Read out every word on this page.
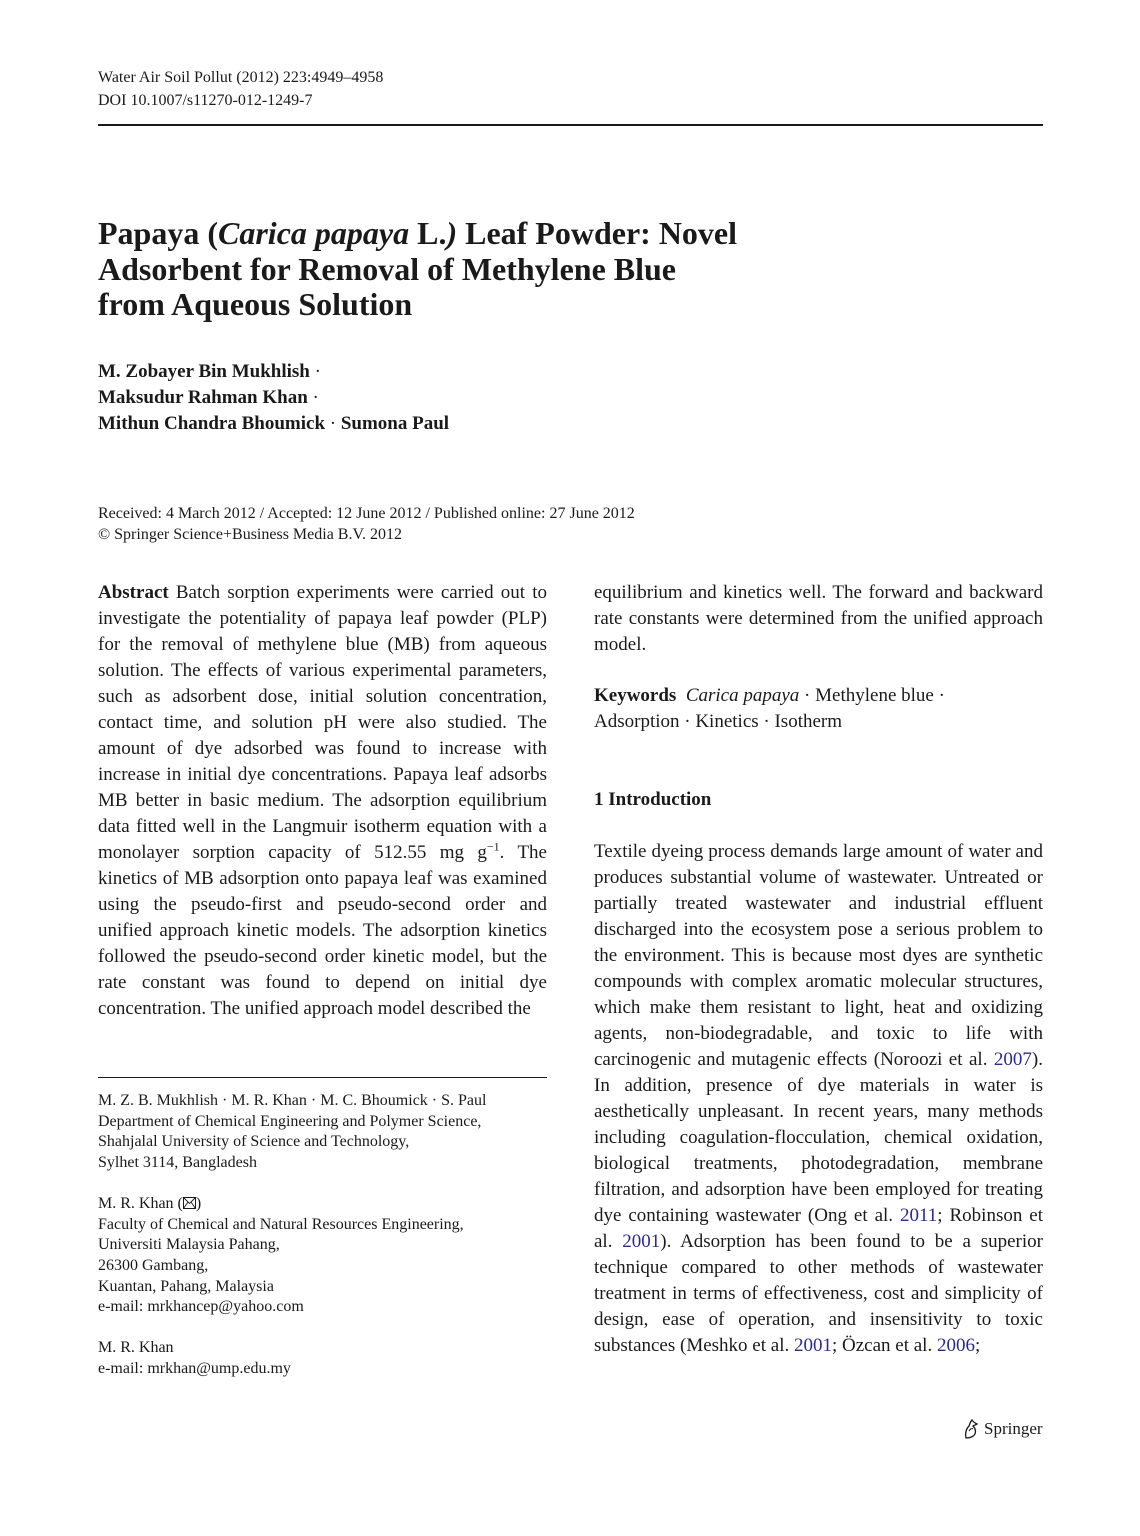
Water Air Soil Pollut (2012) 223:4949–4958
DOI 10.1007/s11270-012-1249-7
Papaya (Carica papaya L.) Leaf Powder: Novel
Adsorbent for Removal of Methylene Blue
from Aqueous Solution
M. Zobayer Bin Mukhlish ·
Maksudur Rahman Khan ·
Mithun Chandra Bhoumick · Sumona Paul
Received: 4 March 2012 / Accepted: 12 June 2012 / Published online: 27 June 2012
© Springer Science+Business Media B.V. 2012
Abstract Batch sorption experiments were carried out to investigate the potentiality of papaya leaf powder (PLP) for the removal of methylene blue (MB) from aqueous solution. The effects of various experimental parameters, such as adsorbent dose, initial solution concentration, contact time, and solution pH were also studied. The amount of dye adsorbed was found to increase with increase in initial dye concentrations. Papaya leaf adsorbs MB better in basic medium. The adsorption equilibrium data fitted well in the Langmuir isotherm equation with a monolayer sorption capacity of 512.55 mg $g^{-1}$. The kinetics of MB adsorption onto papaya leaf was examined using the pseudo-first and pseudo-second order and unified approach kinetic models. The adsorption kinetics followed the pseudo-second order kinetic model, but the rate constant was found to depend on initial dye concentration. The unified approach model described the
equilibrium and kinetics well. The forward and backward rate constants were determined from the unified approach model.
Keywords Carica papaya · Methylene blue ·
Adsorption · Kinetics · Isotherm
1 Introduction
Textile dyeing process demands large amount of water and produces substantial volume of wastewater. Untreated or partially treated wastewater and industrial effluent discharged into the ecosystem pose a serious problem to the environment. This is because most dyes are synthetic compounds with complex aromatic molecular structures, which make them resistant to light, heat and oxidizing agents, non-biodegradable, and toxic to life with carcinogenic and mutagenic effects (Noroozi et al. 2007). In addition, presence of dye materials in water is aesthetically unpleasant. In recent years, many methods including coagulation-flocculation, chemical oxidation, biological treatments, photodegradation, membrane filtration, and adsorption have been employed for treating dye containing wastewater (Ong et al. 2011; Robinson et al. 2001). Adsorption has been found to be a superior technique compared to other methods of wastewater treatment in terms of effectiveness, cost and simplicity of design, ease of operation, and insensitivity to toxic substances (Meshko et al. 2001; Özcan et al. 2006;
M. Z. B. Mukhlish · M. R. Khan · M. C. Bhoumick · S. Paul
Department of Chemical Engineering and Polymer Science,
Shahjalal University of Science and Technology,
Sylhet 3114, Bangladesh
M. R. Khan ( )
Faculty of Chemical and Natural Resources Engineering,
Universiti Malaysia Pahang,
26300 Gambang,
Kuantan, Pahang, Malaysia
e-mail: mrkhancep@yahoo.com
M. R. Khan
e-mail: mrkhan@ump.edu.my
Springer
